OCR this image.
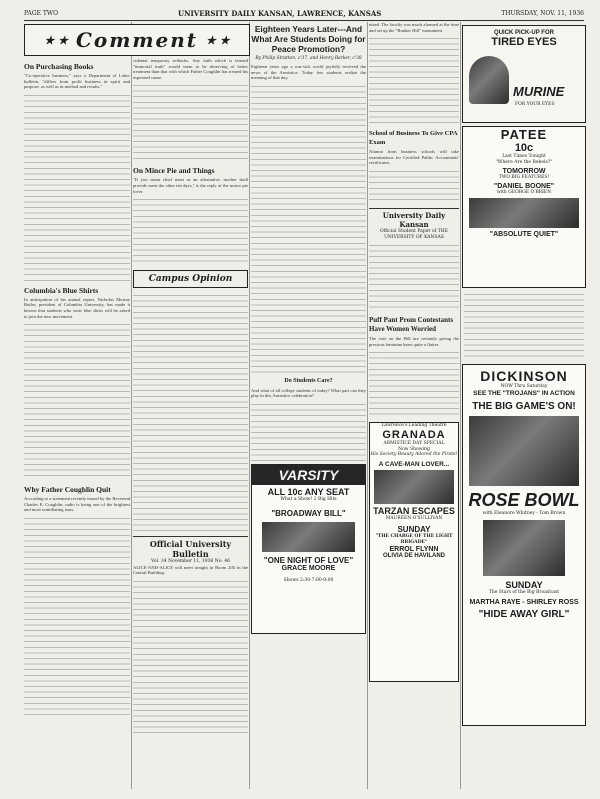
PAGE TWO	UNIVERSITY DAILY KANSAN, LAWRENCE, KANSAS	THURSDAY, NOV. 11, 1936
★ ★ Comment ★ ★
On Purchasing Books

"Co-operative business," says a Department of Labor bulletin, "differs from profit business in spirit and purpose, as well as in method and results."

Columbia's Blue Shirts

In anticipation of his annual report, Nicholas Murray Butler, president of Columbia University, has made it known that students who wear blue shirts will be asked to join the new movement.

Why Father Coughlin Quit

According to a statement recently issued by the Reverend Charles E. Coughlin, radio is being one of the brightest and most scintillating stars.

cidental temporary setbacks. Any faith which is termed "immortal truth" would seem to be deserving of better treatment than that with which Father Coughlin has treated his espoused cause.

On Mince Pie and Things

"If you mean chief meat as an alternative, mother shall provide meat the other ten days," is the reply of the mince pie lover.

Campus Opinion
Official University Bulletin
Vol. 34 November 11, 1936 No. 46

ALICE-AND-ALICE will meet tonight in Room 205 in the Central Building.

Eighteen Years Later---And What Are Students Doing for Peace Promotion?
By Philip Stratton, c'37, and Henry Barker, c'38

Eighteen years ago a war-sick world joyfully received the news of the Armistice. Today few students realize the meaning of that day.

Do Students Care?

And what of all college students of today? What part can they play in this Armistice celebration?

VARSITY
ALL 10c ANY SEAT
What a Show! 2 Big Hits
"BROADWAY BILL"
"ONE NIGHT OF LOVE"
GRACE MOORE
Shows 2:30-7:00-9:00

nized. The faculty was much alarmed at the time and set up the "Bunker Hill" monument.

School of Business To Give CPA Exam

Alumni from business schools will take examinations for Certified Public Accountants' certificates.

University Daily Kansan
Official Student Paper of THE UNIVERSITY OF KANSAS
Puff Pant Prom Contestants Have Women Worried

The vote on the Hill are certainly giving the precious feminine heart quite a flutter.

Lawrence's Leading Theatre
GRANADA
ARMISTICE DAY SPECIAL
Now Showing
His Society Beauty Adored the Pirate!
A CAVE-MAN LOVER...
TARZAN ESCAPES
MAUREEN O'SULLIVAN
SUNDAY
"THE CHARGE OF THE LIGHT BRIGADE"
ERROL FLYNN
OLIVIA DE HAVILAND
QUICK PICK-UP FOR
TIRED EYES
MURINE
FOR YOUR EYES
PATEE
10c
Last Times Tonight
"Where Are the Rebels?"
TOMORROW
TWO BIG FEATURES!
"DANIEL BOONE"
with GEORGE O'BRIEN
"ABSOLUTE QUIET"
DICKINSON
NOW Thru Saturday
SEE THE "TROJANS" IN ACTION
THE BIG GAME'S ON!
ROSE BOWL
with Eleanore Whitney - Tom Brown
SUNDAY
The Stars of the Big Broadcast
MARTHA RAYE - SHIRLEY ROSS
"HIDE AWAY GIRL"
